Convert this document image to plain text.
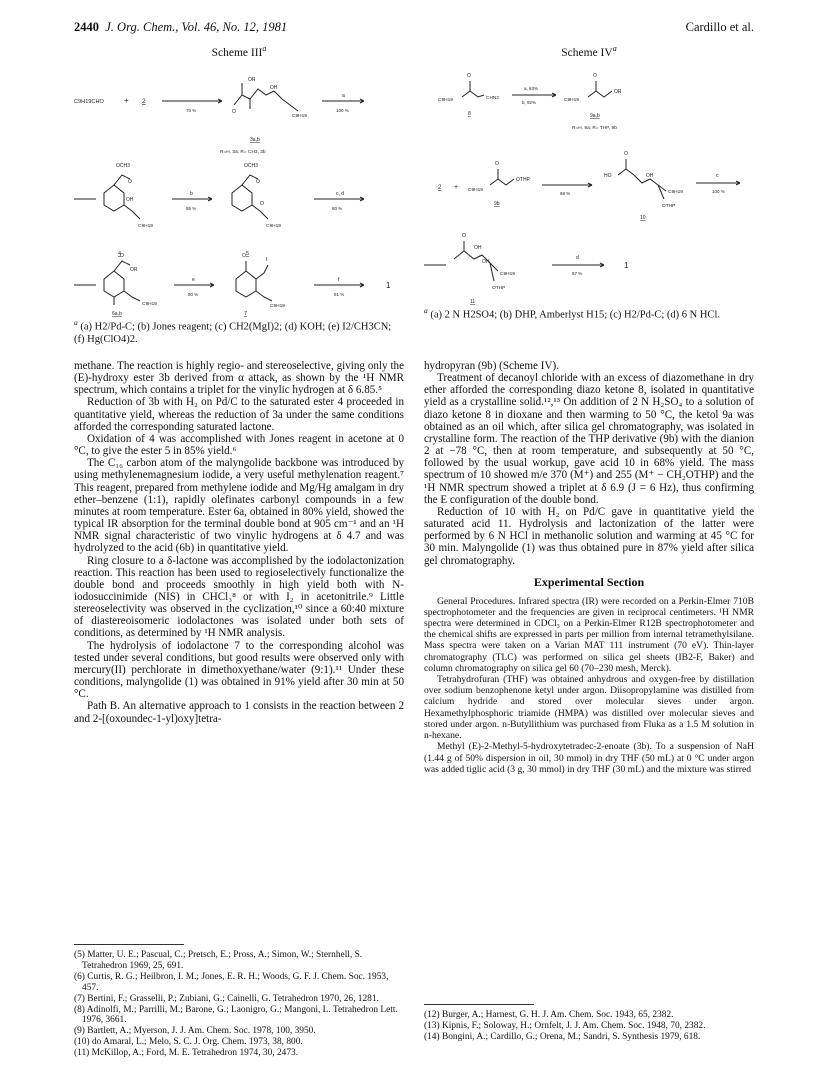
2440 J. Org. Chem., Vol. 46, No. 12, 1981	Cardillo et al.
Scheme III$^a$
C9H19CHO	+ 2
70 %
OR
O
OH
C9H19
a
100 %
3a,b
R=H, 3a; R= CH3, 3b
OCH3
O
OH
C9H19
4
b
85 %
OCH3
O
O
C9H19
5
c, d
80 %
O
OR
C9H19
6a,b
e
90 %
O
I
C9H19
7
f
91 %
1

$^a$ (a) H2/Pd-C; (b) Jones reagent; (c) CH2(MgI)2; (d) KOH; (e) I2/CH3CN; (f) Hg(ClO4)2.

methane. The reaction is highly regio- and stereoselective, giving only the (E)-hydroxy ester 3b derived from α attack, as shown by the ¹H NMR spectrum, which contains a triplet for the vinylic hydrogen at δ 6.85.⁵

Reduction of 3b with H₂ on Pd/C to the saturated ester 4 proceeded in quantitative yield, whereas the reduction of 3a under the same conditions afforded the corresponding saturated lactone.

Oxidation of 4 was accomplished with Jones reagent in acetone at 0 °C, to give the ester 5 in 85% yield.⁶

The C₁₆ carbon atom of the malyngolide backbone was introduced by using methylenemagnesium iodide, a very useful methylenation reagent.⁷ This reagent, prepared from methylene iodide and Mg/Hg amalgam in dry ether–benzene (1:1), rapidly olefinates carbonyl compounds in a few minutes at room temperature. Ester 6a, obtained in 80% yield, showed the typical IR absorption for the terminal double bond at 905 cm⁻¹ and an ¹H NMR signal characteristic of two vinylic hydrogens at δ 4.7 and was hydrolyzed to the acid (6b) in quantitative yield.

Ring closure to a δ-lactone was accomplished by the iodolactonization reaction. This reaction has been used to regioselectively functionalize the double bond and proceeds smoothly in high yield both with N-iodosuccinimide (NIS) in CHCl₃⁸ or with I₂ in acetonitrile.⁹ Little stereoselectivity was observed in the cyclization,¹⁰ since a 60:40 mixture of diastereoisomeric iodolactones was isolated under both sets of conditions, as determined by ¹H NMR analysis.

The hydrolysis of iodolactone 7 to the corresponding alcohol was tested under several conditions, but good results were observed only with mercury(II) perchlorate in dimethoxyethane/water (9:1).¹¹ Under these conditions, malyngolide (1) was obtained in 91% yield after 30 min at 50 °C.

Path B. An alternative approach to 1 consists in the reaction between 2 and 2-[(oxoundec-1-yl)oxy]tetra-

Scheme $IV^a$
C9H19
O
CHN2
8
a, 63%
b, 92%	C9H19
O
OR
9a,b
R=H, 9a; R= THP, 9b
2 + C9H19
O
OTHP
9b
68 %
HO
O
OH
C9H19
OTHP
10
c
100 %
O
OH
OH
C9H19
OTHP
11
d
87 %
1

$^a$ (a) 2 N H2SO4; (b) DHP, Amberlyst H15; (c) H2/Pd-C; (d) 6 N HCl.

hydropyran (9b) (Scheme IV).

Treatment of decanoyl chloride with an excess of diazomethane in dry ether afforded the corresponding diazo ketone 8, isolated in quantitative yield as a crystalline solid.¹²,¹³ On addition of 2 N H₂SO₄ to a solution of diazo ketone 8 in dioxane and then warming to 50 °C, the ketol 9a was obtained as an oil which, after silica gel chromatography, was isolated in crystalline form. The reaction of the THP derivative (9b) with the dianion 2 at −78 °C, then at room temperature, and subsequently at 50 °C, followed by the usual workup, gave acid 10 in 68% yield. The mass spectrum of 10 showed m/e 370 (M⁺) and 255 (M⁺ − CH₂OTHP) and the ¹H NMR spectrum showed a triplet at δ 6.9 (J = 6 Hz), thus confirming the E configuration of the double bond.

Reduction of 10 with H₂ on Pd/C gave in quantitative yield the saturated acid 11. Hydrolysis and lactonization of the latter were performed by 6 N HCl in methanolic solution and warming at 45 °C for 30 min. Malyngolide (1) was thus obtained pure in 87% yield after silica gel chromatography.

Experimental Section

General Procedures. Infrared spectra (IR) were recorded on a Perkin-Elmer 710B spectrophotometer and the frequencies are given in reciprocal centimeters. ¹H NMR spectra were determined in CDCl₃ on a Perkin-Elmer R12B spectrophotometer and the chemical shifts are expressed in parts per million from internal tetramethylsilane. Mass spectra were taken on a Varian MAT 111 instrument (70 eV). Thin-layer chromatography (TLC) was performed on silica gel sheets (IB2-F, Baker) and column chromatography on silica gel 60 (70–230 mesh, Merck).

Tetrahydrofuran (THF) was obtained anhydrous and oxygen-free by distillation over sodium benzophenone ketyl under argon. Diisopropylamine was distilled from calcium hydride and stored over molecular sieves under argon. Hexamethylphosphoric triamide (HMPA) was distilled over molecular sieves and stored under argon. n-Butyllithium was purchased from Fluka as a 1.5 M solution in n-hexane.

Methyl (E)-2-Methyl-5-hydroxytetradec-2-enoate (3b). To a suspension of NaH (1.44 g of 50% dispersion in oil, 30 mmol) in dry THF (50 mL) at 0 °C under argon was added tiglic acid (3 g, 30 mmol) in dry THF (30 mL) and the mixture was stirred

(5) Matter, U. E.; Pascual, C.; Pretsch, E.; Pross, A.; Simon, W.; Sternhell, S. Tetrahedron 1969, 25, 691.

(6) Curtis, R. G.; Heilbron, I. M.; Jones, E. R. H.; Woods, G. F. J. Chem. Soc. 1953, 457.

(7) Bertini, F.; Grasselli, P.; Zubiani, G.; Cainelli, G. Tetrahedron 1970, 26, 1281.

(8) Adinolfi, M.; Parrilli, M.; Barone, G.; Laonigro, G.; Mangoni, L. Tetrahedron Lett. 1976, 3661.

(9) Bartlett, A.; Myerson, J. J. Am. Chem. Soc. 1978, 100, 3950.

(10) do Amaral, L.; Melo, S. C. J. Org. Chem. 1973, 38, 800.

(11) McKillop, A.; Ford, M. E. Tetrahedron 1974, 30, 2473.

(12) Burger, A.; Harnest, G. H. J. Am. Chem. Soc. 1943, 65, 2382.

(13) Kipnis, F.; Soloway, H.; Ornfelt, J. J. Am. Chem. Soc. 1948, 70, 2382.

(14) Bongini, A.; Cardillo, G.; Orena, M.; Sandri, S. Synthesis 1979, 618.
